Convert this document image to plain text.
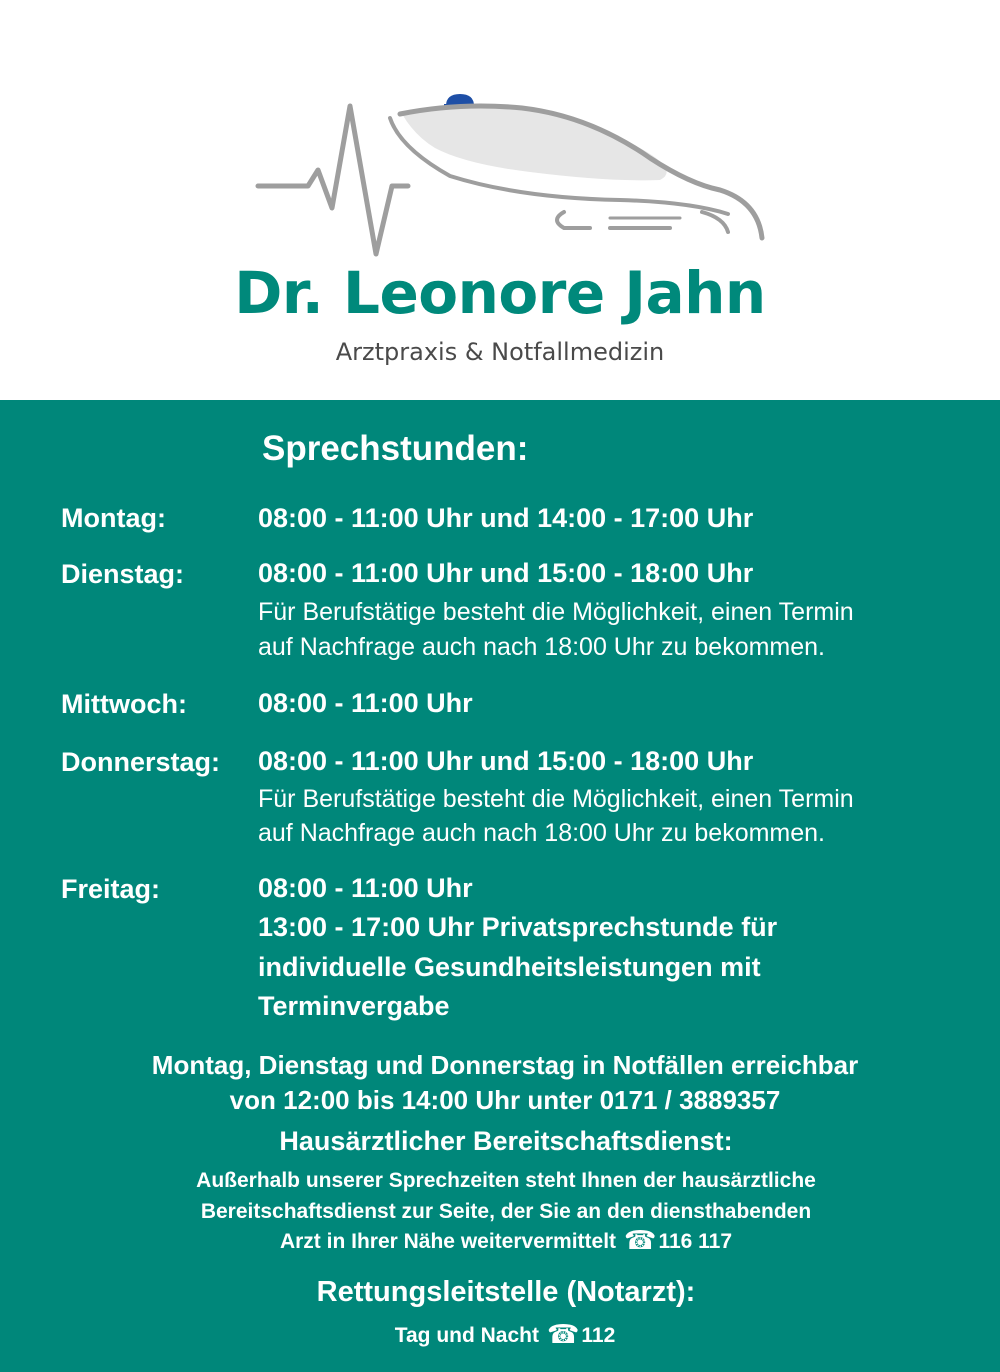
Dr. Leonore Jahn
Arztpraxis & Notfallmedizin
Sprechstunden:
Montag:	08:00 - 11:00 Uhr und 14:00 - 17:00 Uhr
Dienstag:	08:00 - 11:00 Uhr und 15:00 - 18:00 Uhr
Für Berufstätige besteht die Möglichkeit, einen Termin
auf Nachfrage auch nach 18:00 Uhr zu bekommen.
Mittwoch:	08:00 - 11:00 Uhr
Donnerstag: 08:00 - 11:00 Uhr und 15:00 - 18:00 Uhr
Für Berufstätige besteht die Möglichkeit, einen Termin
auf Nachfrage auch nach 18:00 Uhr zu bekommen.
Freitag:	08:00 - 11:00 Uhr
13:00 - 17:00 Uhr Privatsprechstunde für
individuelle Gesundheitsleistungen mit
Terminvergabe
Montag, Dienstag und Donnerstag in Notfällen erreichbar
von 12:00 bis 14:00 Uhr unter 0171 / 3889357
Hausärztlicher Bereitschaftsdienst:
Außerhalb unserer Sprechzeiten steht Ihnen der hausärztliche
Bereitschaftsdienst zur Seite, der Sie an den diensthabenden
Arzt in Ihrer Nähe weitervermittelt ☎116 117
Rettungsleitstelle (Notarzt):
Tag und Nacht ☎112
